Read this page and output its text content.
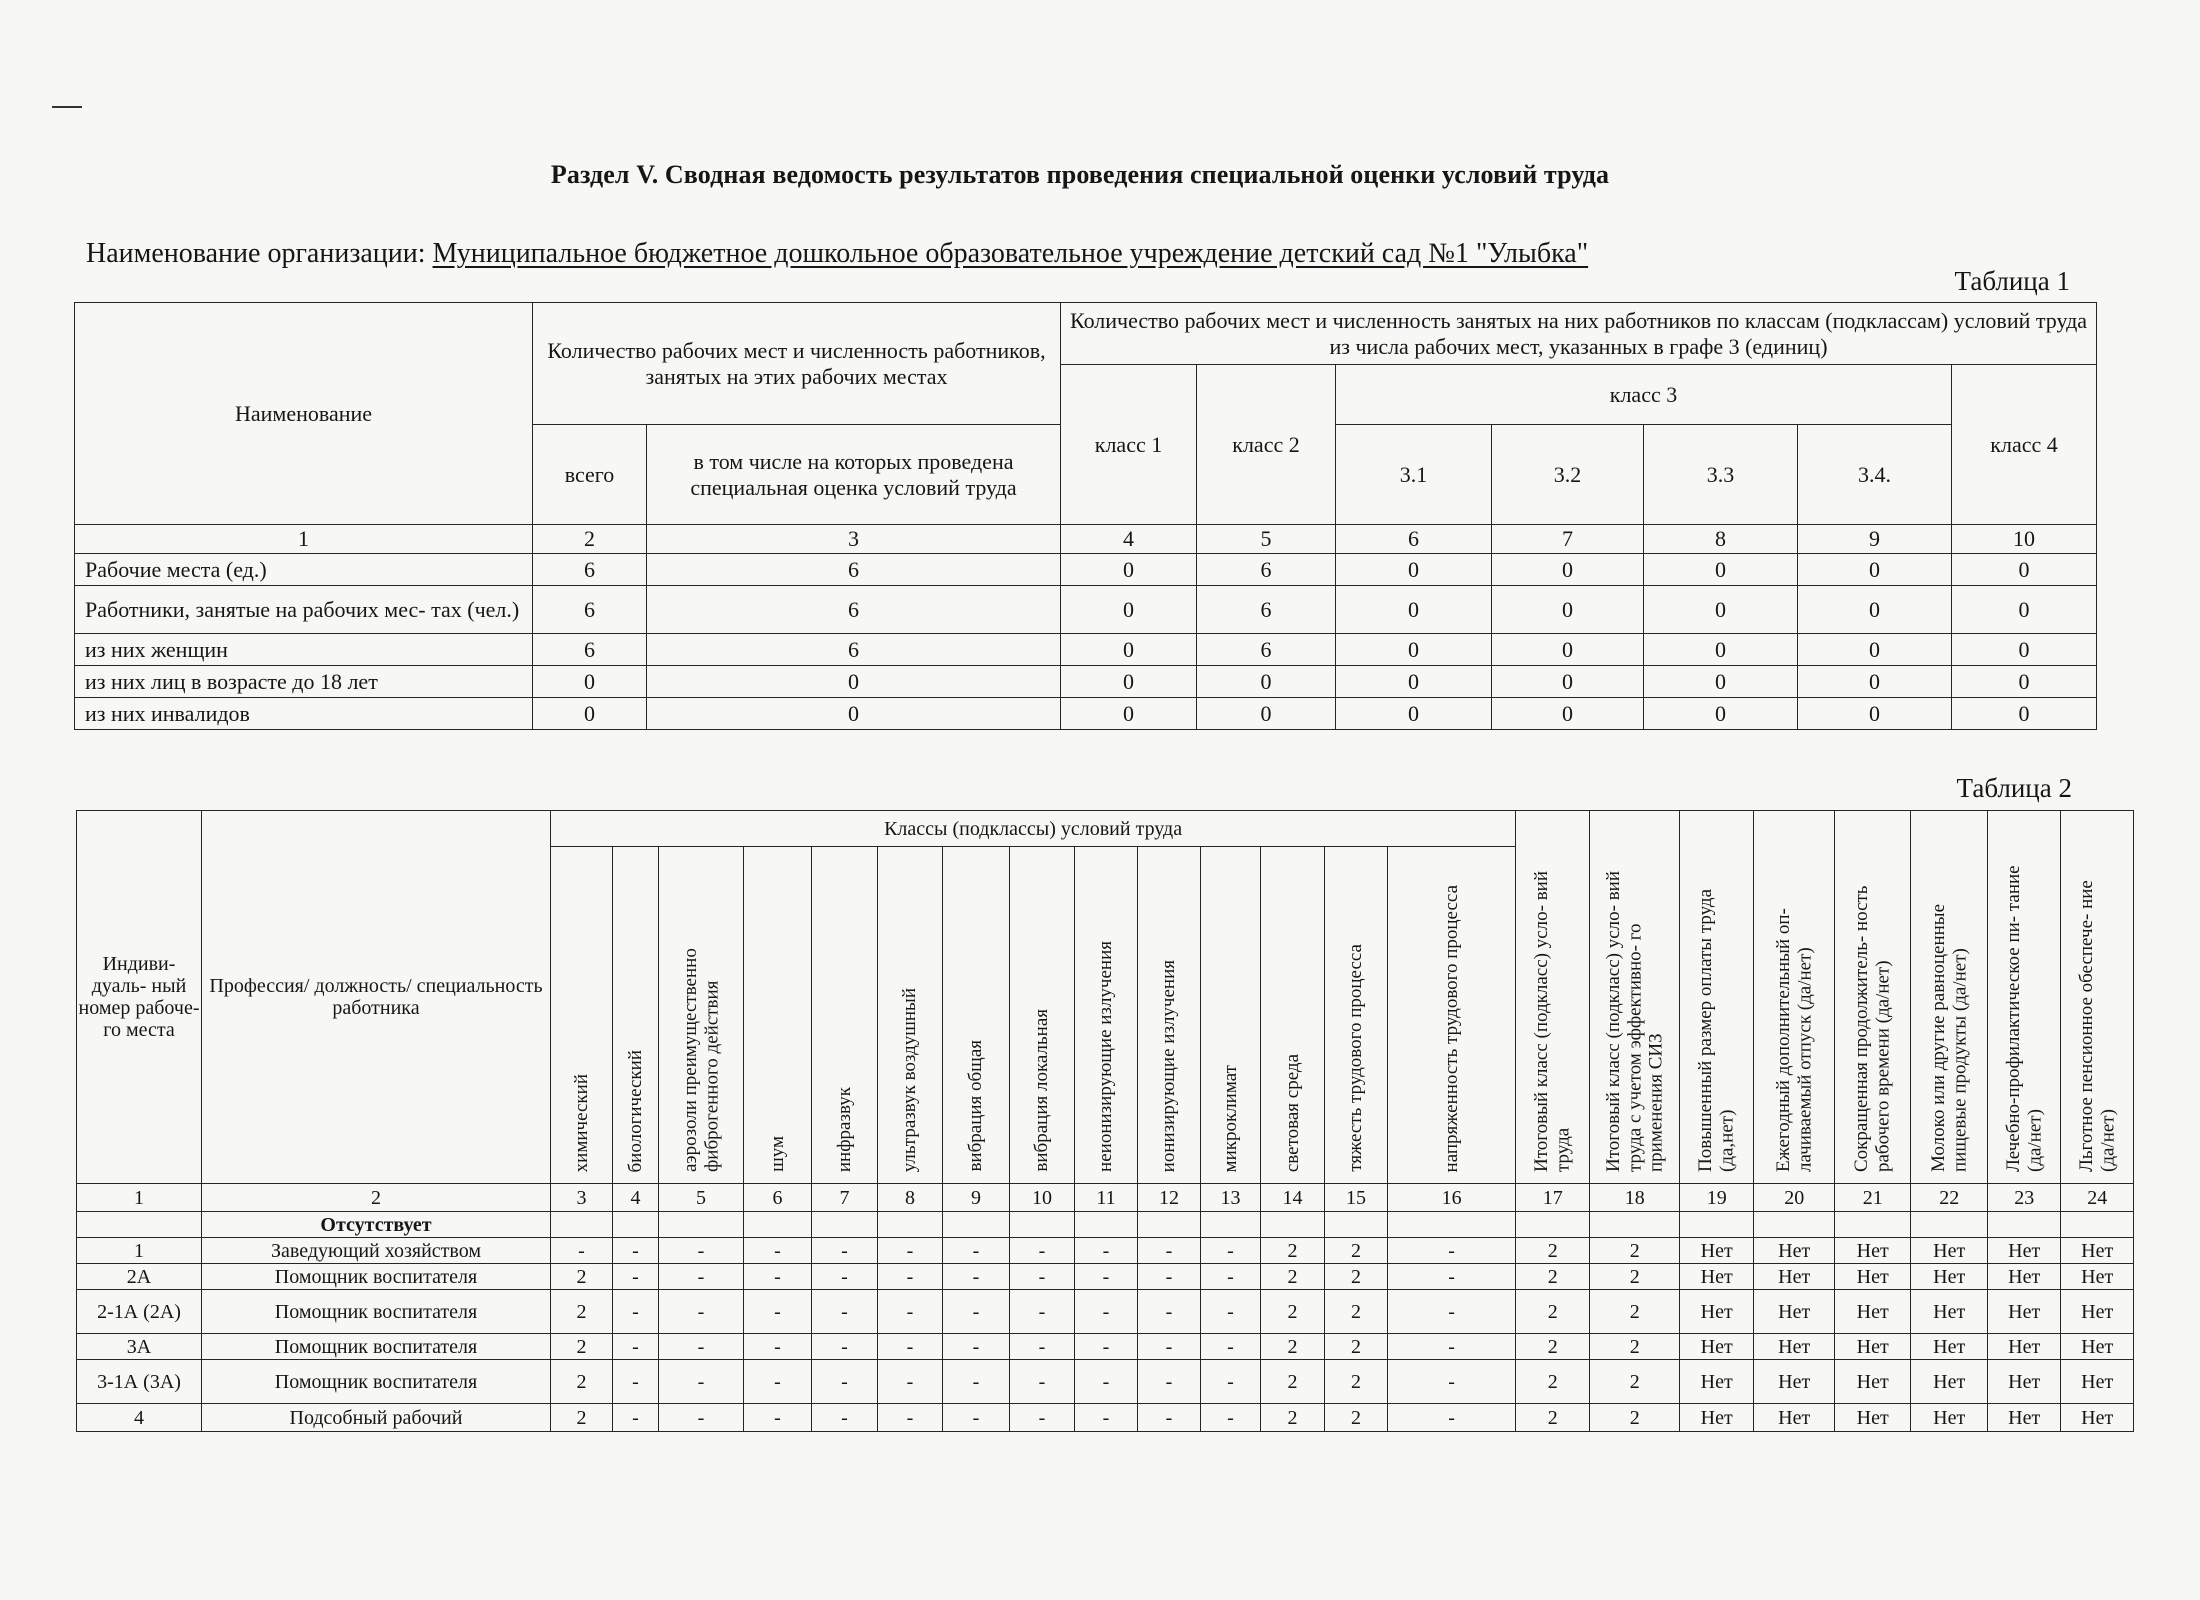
Раздел V. Сводная ведомость результатов проведения специальной оценки условий труда
Наименование организации: Муниципальное бюджетное дошкольное образовательное учреждение детский сад №1 "Улыбка"
Таблица 1
Наименование	Количество рабочих мест и численность работников, занятых на этих рабочих местах		Количество рабочих мест и численность занятых на них работников по классам (подклассам) условий труда из числа рабочих мест, указанных в графе 3 (единиц)						
			класс 1	класс 2	класс 3				класс 4
	всего	в том числе на которых проведена специальная оценка условий труда			3.1	3.2	3.3	3.4.	
1	2	3	4	5	6	7	8	9	10
Рабочие места (ед.)	6	6	0	6	0	0	0	0	0
Работники, занятые на рабочих мес- тах (чел.)	6	6	0	6	0	0	0	0	0
из них женщин	6	6	0	6	0	0	0	0	0
из них лиц в возрасте до 18 лет	0	0	0	0	0	0	0	0	0
из них инвалидов	0	0	0	0	0	0	0	0	0
Таблица 2
Индиви- дуаль- ный номер рабоче- го места	Профессия/ должность/ специальность работника	Классы (подклассы) условий труда														Итоговый класс (подкласс) усло- вий труда	Итоговый класс (подкласс) усло- вий труда с учетом эффективно- го применения СИЗ	Повышенный размер оплаты труда (да,нет)	Ежегодный дополнительный оп- лачиваемый отпуск (да/нет)	Сокращенная продолжитель- ность рабочего времени (да/нет)	Молоко или другие равноценные пищевые продукты (да/нет)	Лечебно-профилактическое пи- тание (да/нет)	Льготное пенсионное обеспече- ние (да/нет)
		химический	биологический	аэрозоли преимущественно фиброгенного действия	шум	инфразвук	ультразвук воздушный	вибрация общая	вибрация локальная	неионизирующие излучения	ионизирующие излучения	микроклимат	световая среда	тяжесть трудового процесса	напряженность трудового процесса								
1	2	3	4	5	6	7	8	9	10	11	12	13	14	15	16	17	18	19	20	21	22	23	24
	Отсутствует																						
1	Заведующий хозяйством	-	-	-	-	-	-	-	-	-	-	-	2	2	-	2	2	Нет	Нет	Нет	Нет	Нет	Нет
2А	Помощник воспитателя	2	-	-	-	-	-	-	-	-	-	-	2	2	-	2	2	Нет	Нет	Нет	Нет	Нет	Нет
2-1А (2А)	Помощник воспитателя	2	-	-	-	-	-	-	-	-	-	-	2	2	-	2	2	Нет	Нет	Нет	Нет	Нет	Нет
3А	Помощник воспитателя	2	-	-	-	-	-	-	-	-	-	-	2	2	-	2	2	Нет	Нет	Нет	Нет	Нет	Нет
3-1А (3А)	Помощник воспитателя	2	-	-	-	-	-	-	-	-	-	-	2	2	-	2	2	Нет	Нет	Нет	Нет	Нет	Нет
4	Подсобный рабочий	2	-	-	-	-	-	-	-	-	-	-	2	2	-	2	2	Нет	Нет	Нет	Нет	Нет	Нет
